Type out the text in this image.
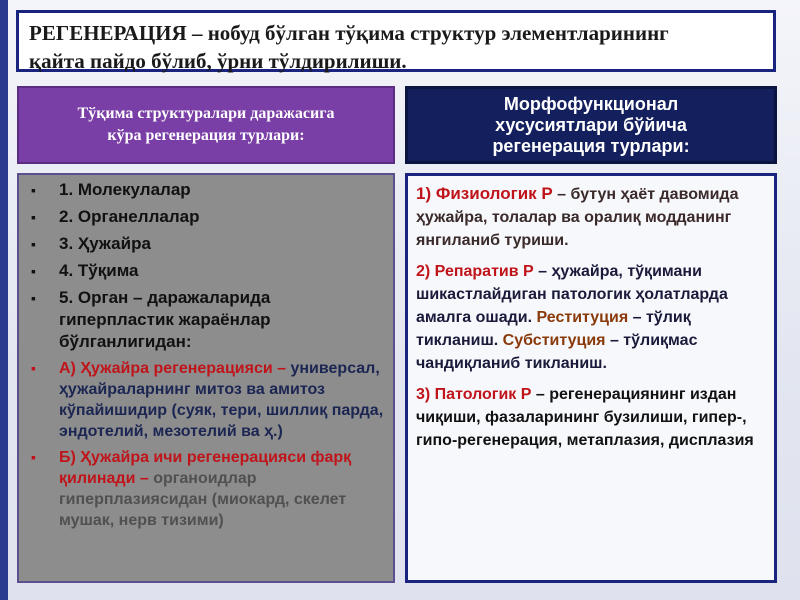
РЕГЕНЕРАЦИЯ – нобуд бўлган тўқима структур элементларининг
қайта пайдо бўлиб, ўрни тўлдирилиши.
Тўқима структуралари даражасига
кўра регенерация турлари:
Морфофункционал
хусусиятлари бўйича
регенерация турлари:
▪ 1. Молекулалар
▪ 2. Органеллалар
▪ 3. Ҳужайра
▪ 4. Тўқима
▪ 5. Орган – даражаларида гиперпластик жараёнлар бўлганлигидан:
▪ А) Ҳужайра регенерацияси – универсал, ҳужайраларнинг митоз ва амитоз кўпайишидир (суяк, тери, шиллиқ парда, эндотелий, мезотелий ва ҳ.)
▪ Б) Ҳужайра ичи регенерацияси фарқ қилинади – органоидлар гиперплазиясидан (миокард, скелет мушак, нерв тизими)

1) Физиологик Р – бутун ҳаёт давомида ҳужайра, толалар ва оралиқ модданинг янгиланиб туриши.

2) Репаратив Р – ҳужайра, тўқимани шикастлайдиган патологик ҳолатларда амалга ошади. Реституция – тўлиқ тикланиш. Субституция – тўлиқмас чандиқланиб тикланиш.

3) Патологик Р – регенерациянинг издан чиқиши, фазаларининг бузилиши, гипер-, гипо-регенерация, метаплазия, дисплазия
